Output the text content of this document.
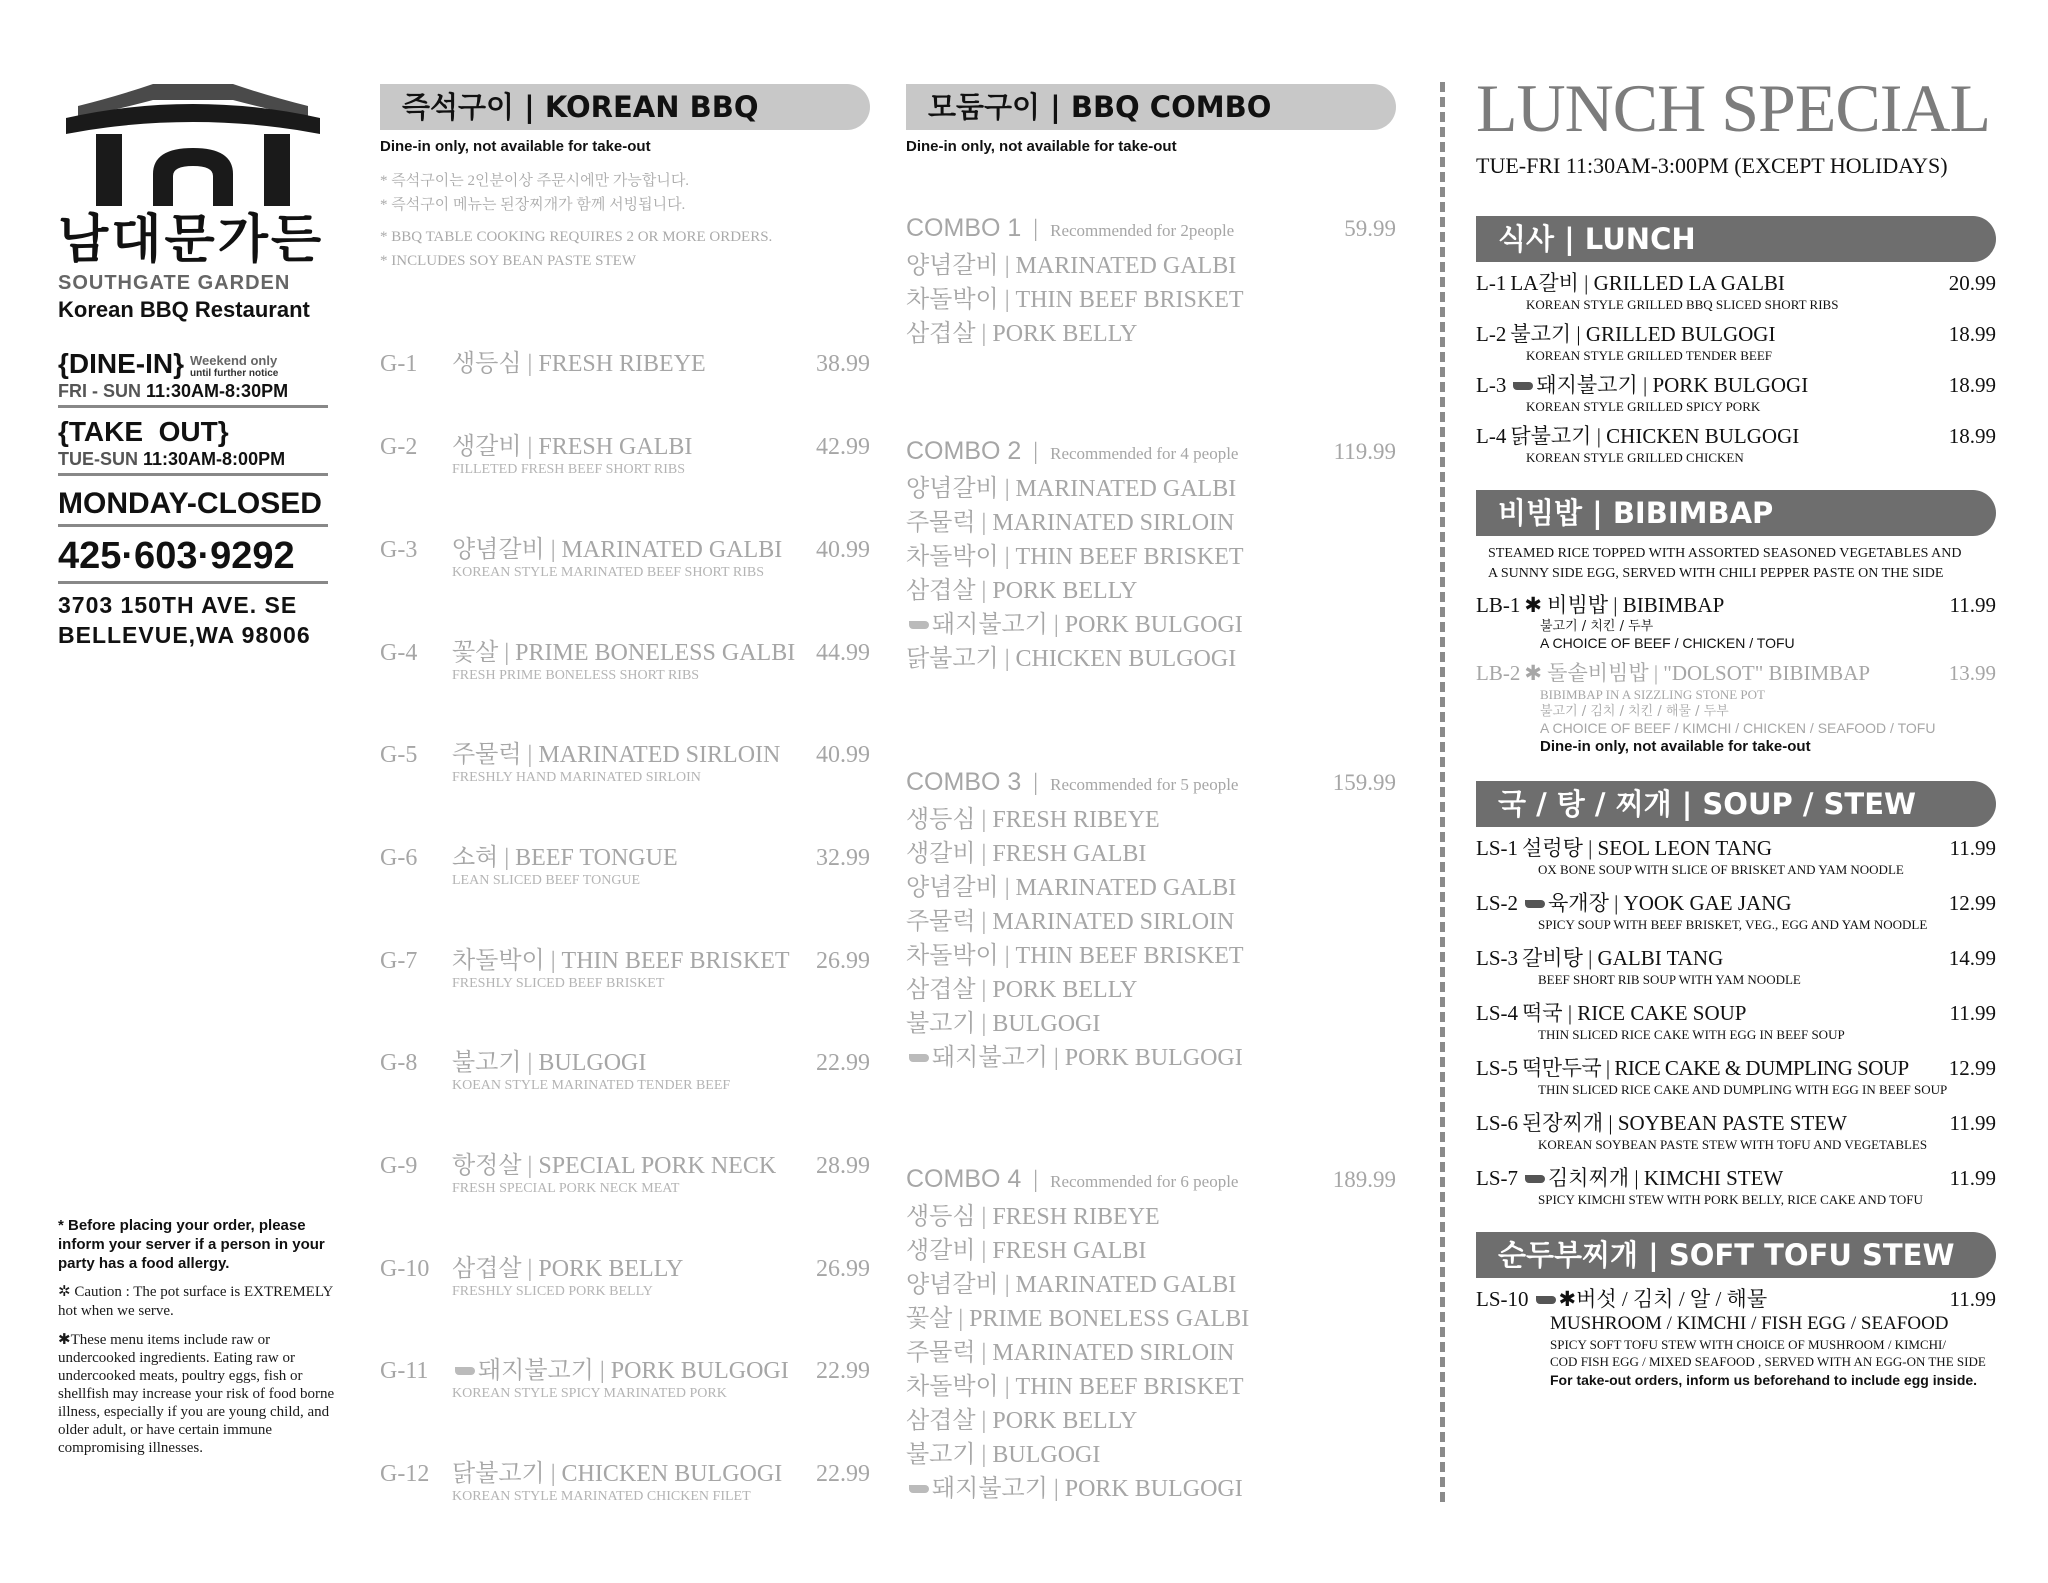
남대문가든
SOUTHGATE GARDEN
Korean BBQ Restaurant
{DINE-IN} Weekend only
until further notice
FRI - SUN 11:30AM-8:30PM
{TAKE  OUT}
TUE-SUN 11:30AM-8:00PM
MONDAY-CLOSED
425·603·9292
3703 150TH AVE. SE
BELLEVUE,WA 98006
* Before placing your order, please inform your server if a person in your party has a food allergy.
✲ Caution : The pot surface is EXTREMELY hot when we serve.
✱These menu items include raw or undercooked ingredients. Eating raw or undercooked meats, poultry eggs, fish or shellfish may increase your risk of food borne illness, especially if you are young child, and older adult, or have certain immune compromising illnesses.
즉석구이 | KOREAN BBQ
Dine-in only, not available for take-out
* 즉석구이는 2인분이상 주문시에만 가능합니다.
* 즉석구이 메뉴는 된장찌개가 함께 서빙됩니다.
* BBQ TABLE COOKING REQUIRES 2 OR MORE ORDERS.
* INCLUDES SOY BEAN PASTE STEW
G-1	생등심 | FRESH RIBEYE	38.99
G-2	생갈비 | FRESH GALBI	42.99
FILLETED FRESH BEEF SHORT RIBS
G-3	양념갈비 | MARINATED GALBI	40.99
KOREAN STYLE MARINATED BEEF SHORT RIBS
G-4	꽃살 | PRIME BONELESS GALBI 44.99
FRESH PRIME BONELESS SHORT RIBS
G-5	주물럭 | MARINATED SIRLOIN	40.99
FRESHLY HAND MARINATED SIRLOIN
G-6	소혀 | BEEF TONGUE	32.99
LEAN SLICED BEEF TONGUE
G-7	차돌박이 | THIN BEEF BRISKET	26.99
FRESHLY SLICED BEEF BRISKET
G-8	불고기 | BULGOGI	22.99
KOEAN STYLE MARINATED TENDER BEEF
G-9	항정살 | SPECIAL PORK NECK	28.99
FRESH SPECIAL PORK NECK MEAT
G-10 삼겹살 | PORK BELLY	26.99
FRESHLY SLICED PORK BELLY
G-11	돼지불고기 | PORK BULGOGI	22.99
KOREAN STYLE SPICY MARINATED PORK
G-12 닭불고기 | CHICKEN BULGOGI	22.99
KOREAN STYLE MARINATED CHICKEN FILET
모둠구이 | BBQ COMBO
Dine-in only, not available for take-out
COMBO 1 | Recommended for 2people	59.99
양념갈비 | MARINATED GALBI
차돌박이 | THIN BEEF BRISKET
삼겹살 | PORK BELLY
COMBO 2 | Recommended for 4 people	119.99
양념갈비 | MARINATED GALBI
주물럭 | MARINATED SIRLOIN
차돌박이 | THIN BEEF BRISKET
삼겹살 | PORK BELLY
돼지불고기 | PORK BULGOGI
닭불고기 | CHICKEN BULGOGI
COMBO 3 | Recommended for 5 people	159.99
생등심 | FRESH RIBEYE
생갈비 | FRESH GALBI
양념갈비 | MARINATED GALBI
주물럭 | MARINATED SIRLOIN
차돌박이 | THIN BEEF BRISKET
삼겹살 | PORK BELLY
불고기 | BULGOGI
돼지불고기 | PORK BULGOGI
COMBO 4 | Recommended for 6 people	189.99
생등심 | FRESH RIBEYE
생갈비 | FRESH GALBI
양념갈비 | MARINATED GALBI
꽃살 | PRIME BONELESS GALBI
주물럭 | MARINATED SIRLOIN
차돌박이 | THIN BEEF BRISKET
삼겹살 | PORK BELLY
불고기 | BULGOGI
돼지불고기 | PORK BULGOGI
LUNCH SPECIAL
TUE-FRI 11:30AM-3:00PM (EXCEPT HOLIDAYS)
식사 | LUNCH
L-1 LA갈비 | GRILLED LA GALBI	20.99
KOREAN STYLE GRILLED BBQ SLICED SHORT RIBS
L-2 불고기 | GRILLED BULGOGI	18.99
KOREAN STYLE GRILLED TENDER BEEF
L-3	돼지불고기 | PORK BULGOGI	18.99
KOREAN STYLE GRILLED SPICY PORK
L-4 닭불고기 | CHICKEN BULGOGI	18.99
KOREAN STYLE GRILLED CHICKEN
비빔밥 | BIBIMBAP
STEAMED RICE TOPPED WITH ASSORTED SEASONED VEGETABLES AND
A SUNNY SIDE EGG, SERVED WITH CHILI PEPPER PASTE ON THE SIDE
LB-1 ✱ 비빔밥 | BIBIMBAP	11.99
불고기 / 치킨 / 두부
A CHOICE OF BEEF / CHICKEN / TOFU
LB-2 ✱ 돌솥비빔밥 | "DOLSOT" BIBIMBAP	13.99
BIBIMBAP IN A SIZZLING STONE POT
불고기 / 김치 / 치킨 / 해물 / 두부
A CHOICE OF BEEF / KIMCHI / CHICKEN / SEAFOOD / TOFU
Dine-in only, not available for take-out
국 / 탕 / 찌개 | SOUP / STEW
LS-1 설렁탕 | SEOL LEON TANG	11.99
OX BONE SOUP WITH SLICE OF BRISKET AND YAM NOODLE
LS-2	육개장 | YOOK GAE JANG	12.99
SPICY SOUP WITH BEEF BRISKET, VEG., EGG AND YAM NOODLE
LS-3 갈비탕 | GALBI TANG	14.99
BEEF SHORT RIB SOUP WITH YAM NOODLE
LS-4 떡국 | RICE CAKE SOUP	11.99
THIN SLICED RICE CAKE WITH EGG IN BEEF SOUP
LS-5 떡만두국 | RICE CAKE & DUMPLING SOUP	12.99
THIN SLICED RICE CAKE AND DUMPLING WITH EGG IN BEEF SOUP
LS-6 된장찌개 | SOYBEAN PASTE STEW	11.99
KOREAN SOYBEAN PASTE STEW WITH TOFU AND VEGETABLES
LS-7	김치찌개 | KIMCHI STEW	11.99
SPICY KIMCHI STEW WITH PORK BELLY, RICE CAKE AND TOFU
순두부찌개 | SOFT TOFU STEW
LS-10	✱버섯 / 김치 / 알 / 해물	11.99
MUSHROOM / KIMCHI / FISH EGG / SEAFOOD
SPICY SOFT TOFU STEW WITH CHOICE OF MUSHROOM / KIMCHI/
COD FISH EGG / MIXED SEAFOOD , SERVED WITH AN EGG-ON THE SIDE
For take-out orders, inform us beforehand to include egg inside.
